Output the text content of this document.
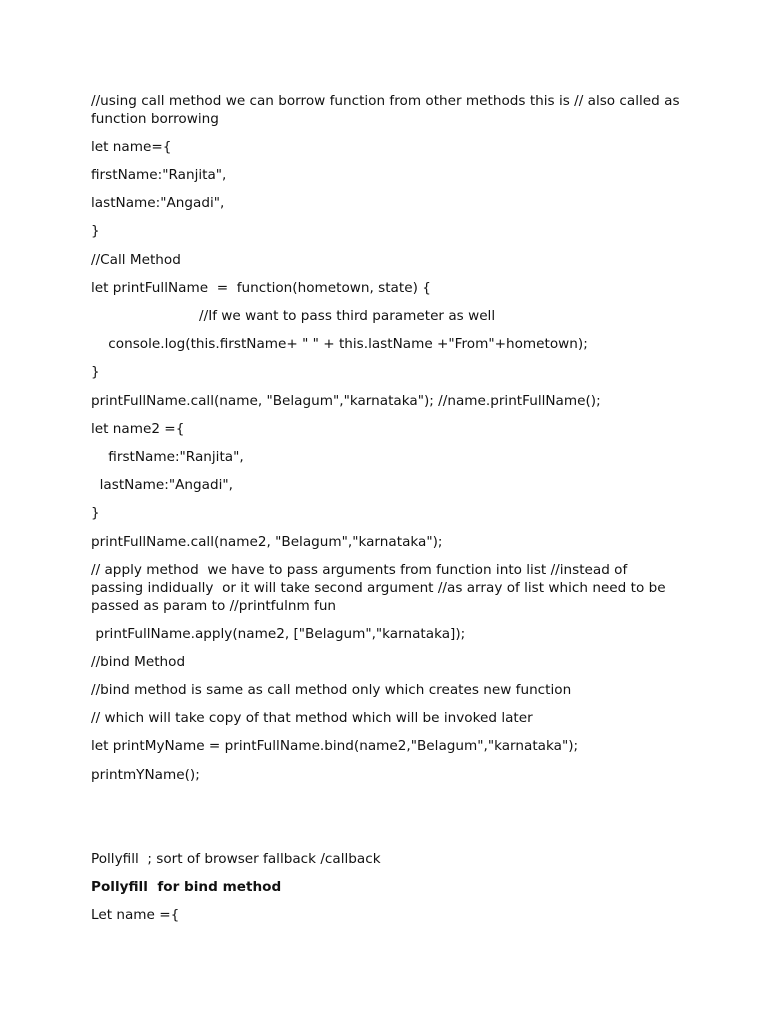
//using call method we can borrow function from other methods this is // also called as function borrowing

let name={

firstName:"Ranjita",

lastName:"Angadi",

}

//Call Method

let printFullName  =  function(hometown, state) {

//If we want to pass third parameter as well

console.log(this.firstName+ " " + this.lastName +"From"+hometown);

}

printFullName.call(name, "Belagum","karnataka"); //name.printFullName();

let name2 ={

firstName:"Ranjita",

lastName:"Angadi",

}

printFullName.call(name2, "Belagum","karnataka");

// apply method  we have to pass arguments from function into list //instead of passing indidually  or it will take second argument //as array of list which need to be passed as param to //printfulnm fun

printFullName.apply(name2, ["Belagum","karnataka]);

//bind Method

//bind method is same as call method only which creates new function

// which will take copy of that method which will be invoked later

let printMyName = printFullName.bind(name2,"Belagum","karnataka");

printmYName();

Pollyfill  ; sort of browser fallback /callback

Pollyfill  for bind method

Let name ={
